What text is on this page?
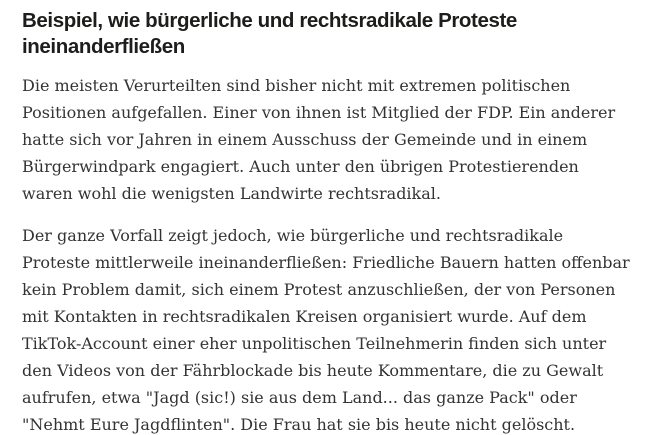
Beispiel, wie bürgerliche und rechtsradikale Proteste ineinanderfließen

Die meisten Verurteilten sind bisher nicht mit extremen politischen Positionen aufgefallen. Einer von ihnen ist Mitglied der FDP. Ein anderer hatte sich vor Jahren in einem Ausschuss der Gemeinde und in einem Bürgerwindpark engagiert. Auch unter den übrigen Protestierenden waren wohl die wenigsten Landwirte rechtsradikal.

Der ganze Vorfall zeigt jedoch, wie bürgerliche und rechtsradikale Proteste mittlerweile ineinanderfließen: Friedliche Bauern hatten offenbar kein Problem damit, sich einem Protest anzuschließen, der von Personen mit Kontakten in rechtsradikalen Kreisen organisiert wurde. Auf dem TikTok-Account einer eher unpolitischen Teilnehmerin finden sich unter den Videos von der Fährblockade bis heute Kommentare, die zu Gewalt aufrufen, etwa "Jagd (sic!) sie aus dem Land... das ganze Pack" oder "Nehmt Eure Jagdflinten". Die Frau hat sie bis heute nicht gelöscht.
